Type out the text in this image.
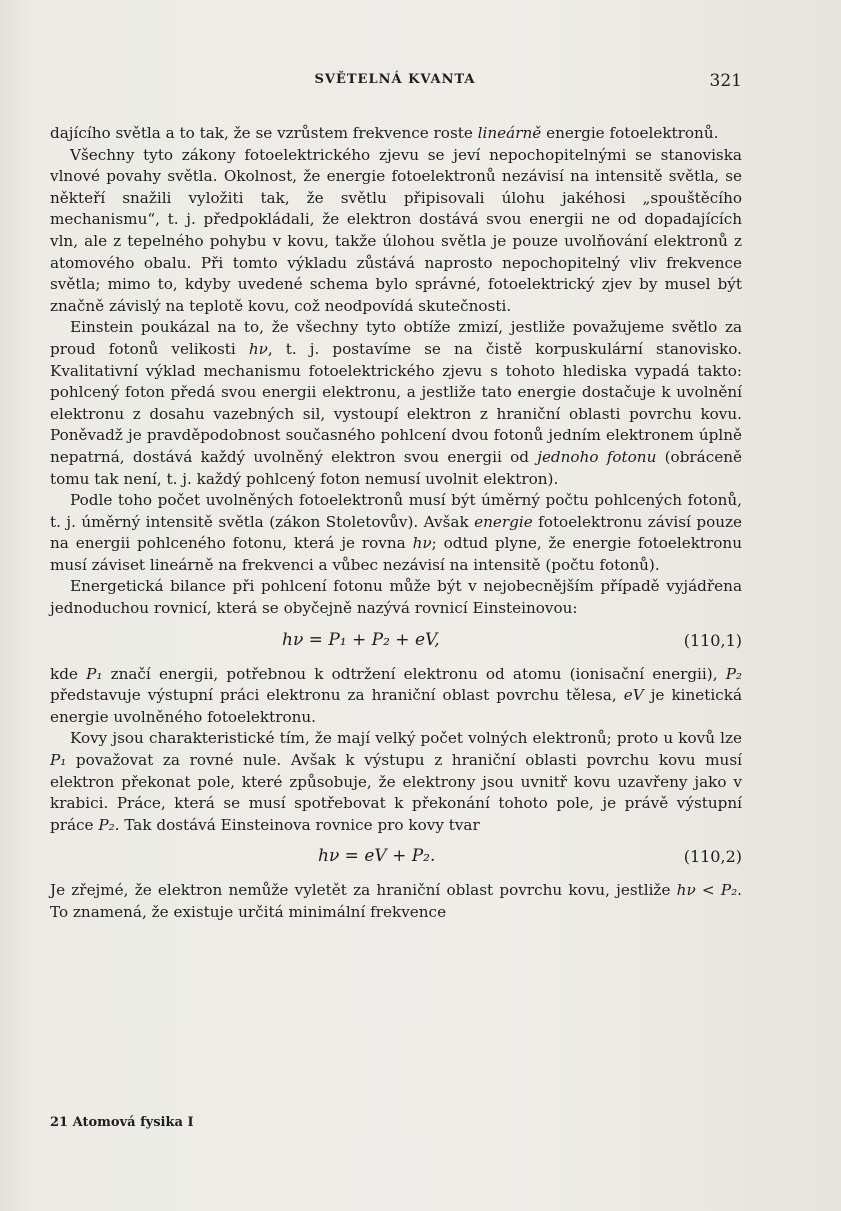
SVĚTELNÁ KVANTA	321

dajícího světla a to tak, že se vzrůstem frekvence roste lineárně energie fotoelektronů.

Všechny tyto zákony fotoelektrického zjevu se jeví nepochopitelnými se stanoviska vlnové povahy světla. Okolnost, že energie fotoelektronů nezávisí na intensitě světla, se někteří snažili vyložiti tak, že světlu připisovali úlohu jakéhosi „spouštěcího mechanismu“, t. j. předpokládali, že elektron dostává svou energii ne od dopadajících vln, ale z tepelného pohybu v kovu, takže úlohou světla je pouze uvolňování elektronů z atomového obalu. Při tomto výkladu zůstává naprosto nepochopitelný vliv frekvence světla; mimo to, kdyby uvedené schema bylo správné, fotoelektrický zjev by musel být značně závislý na teplotě kovu, což neodpovídá skutečnosti.

Einstein poukázal na to, že všechny tyto obtíže zmizí, jestliže považujeme světlo za proud fotonů velikosti hν, t. j. postavíme se na čistě korpuskulární stanovisko. Kvalitativní výklad mechanismu fotoelektrického zjevu s tohoto hlediska vypadá takto: pohlcený foton předá svou energii elektronu, a jestliže tato energie dostačuje k uvolnění elektronu z dosahu vazebných sil, vystoupí elektron z hraniční oblasti povrchu kovu. Poněvadž je pravděpodobnost současného pohlcení dvou fotonů jedním elektronem úplně nepatrná, dostává každý uvolněný elektron svou energii od jednoho fotonu (obráceně tomu tak není, t. j. každý pohlcený foton nemusí uvolnit elektron).

Podle toho počet uvolněných fotoelektronů musí být úměrný počtu pohlcených fotonů, t. j. úměrný intensitě světla (zákon Stoletovův). Avšak energie fotoelektronu závisí pouze na energii pohlceného fotonu, která je rovna hν; odtud plyne, že energie fotoelektronu musí záviset lineárně na frekvenci a vůbec nezávisí na intensitě (počtu fotonů).

Energetická bilance při pohlcení fotonu může být v nejobecnějším případě vyjádřena jednoduchou rovnicí, která se obyčejně nazývá rovnicí Einsteinovou:

hν = P₁ + P₂ + eV,	(110,1)

kde P₁ značí energii, potřebnou k odtržení elektronu od atomu (ionisační energii), P₂ představuje výstupní práci elektronu za hraniční oblast povrchu tělesa, eV je kinetická energie uvolněného fotoelektronu.

Kovy jsou charakteristické tím, že mají velký počet volných elektronů; proto u kovů lze P₁ považovat za rovné nule. Avšak k výstupu z hraniční oblasti povrchu kovu musí elektron překonat pole, které způsobuje, že elektrony jsou uvnitř kovu uzavřeny jako v krabici. Práce, která se musí spotřebovat k překonání tohoto pole, je právě výstupní práce P₂. Tak dostává Einsteinova rovnice pro kovy tvar

hν = eV + P₂.	(110,2)

Je zřejmé, že elektron nemůže vyletět za hraniční oblast povrchu kovu, jestliže hν < P₂. To znamená, že existuje určitá minimální frekvence

21 Atomová fysika I
